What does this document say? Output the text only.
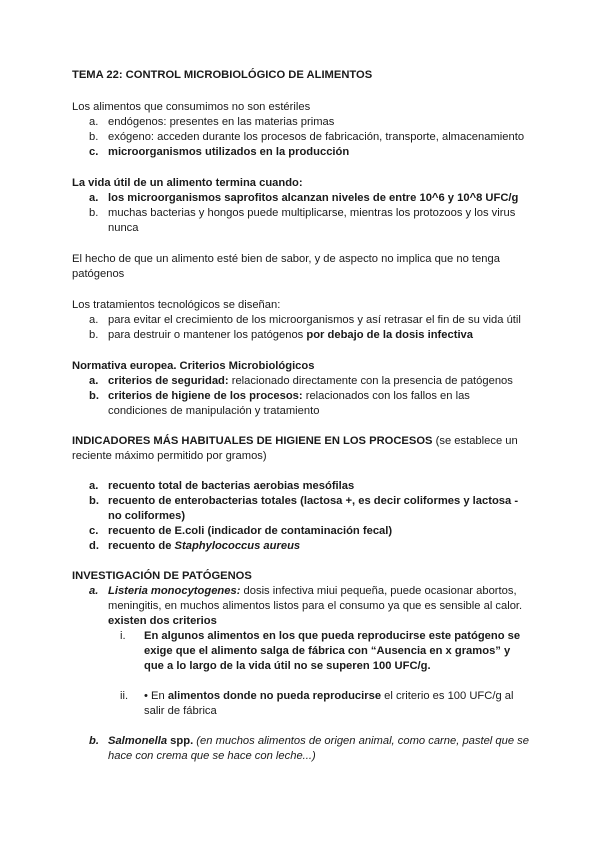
TEMA 22: CONTROL MICROBIOLÓGICO DE ALIMENTOS

Los alimentos que consumimos no son estériles

a. endógenos: presentes en las materias primas
b. exógeno: acceden durante los procesos de fabricación, transporte, almacenamiento
c. microorganismos utilizados en la producción

La vida útil de un alimento termina cuando:

a. los microorganismos saprofitos alcanzan niveles de entre 10^6 y 10^8 UFC/g
b. muchas bacterias y hongos puede multiplicarse, mientras los protozoos y los virus nunca

El hecho de que un alimento esté bien de sabor, y de aspecto no implica que no tenga patógenos

Los tratamientos tecnológicos se diseñan:

a. para evitar el crecimiento de los microorganismos y así retrasar el fin de su vida útil
b. para destruir o mantener los patógenos por debajo de la dosis infectiva

Normativa europea. Criterios Microbiológicos

a. criterios de seguridad: relacionado directamente con la presencia de patógenos
b. criterios de higiene de los procesos: relacionados con los fallos en las condiciones de manipulación y tratamiento

INDICADORES MÁS HABITUALES DE HIGIENE EN LOS PROCESOS (se establece un reciente máximo permitido por gramos)

a. recuento total de bacterias aerobias mesófilas
b. recuento de enterobacterias totales (lactosa +, es decir coliformes y lactosa - no coliformes)
c. recuento de E.coli (indicador de contaminación fecal)
d. recuento de Staphylococcus aureus

INVESTIGACIÓN DE PATÓGENOS

a. Listeria monocytogenes: dosis infectiva miui pequeña, puede ocasionar abortos, meningitis, en muchos alimentos listos para el consumo ya que es sensible al calor.
existen dos criterios
i. En algunos alimentos en los que pueda reproducirse este patógeno se exige que el alimento salga de fábrica con “Ausencia en x gramos” y que a lo largo de la vida útil no se superen 100 UFC/g.
ii. • En alimentos donde no pueda reproducirse el criterio es 100 UFC/g al salir de fábrica
b. Salmonella spp. (en muchos alimentos de origen animal, como carne, pastel que se hace con crema que se hace con leche...)
